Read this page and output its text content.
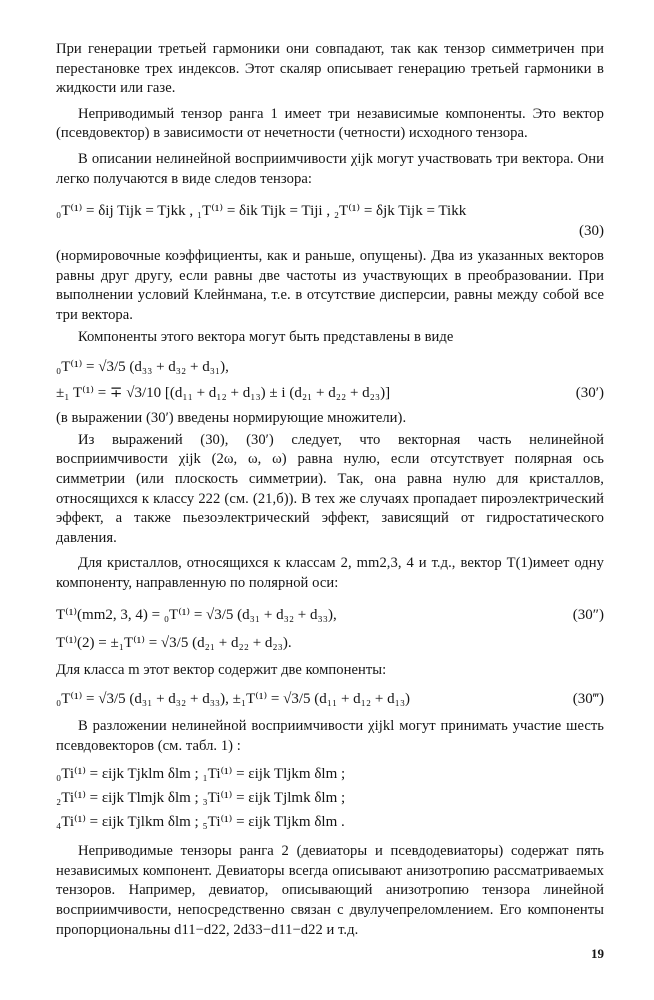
При генерации третьей гармоники они совпадают, так как тензор симметричен при перестановке трех индексов. Этот скаляр описывает генерацию третьей гармоники в жидкости или газе.

Неприводимый тензор ранга 1 имеет три независимые компоненты. Это вектор (псевдовектор) в зависимости от нечетности (четности) исходного тензора.

В описании нелинейной восприимчивости χijk могут участвовать три вектора. Они легко получаются в виде следов тензора:

₀T⁽¹⁾ = δij Tijk = Tjkk , ₁T⁽¹⁾ = δik Tijk = Tiji , ₂T⁽¹⁾ = δjk Tijk = Tikk
(30)

(нормировочные коэффициенты, как и раньше, опущены). Два из указанных векторов равны друг другу, если равны две частоты из участвующих в преобразовании. При выполнении условий Клейнмана, т.е. в отсутствие дисперсии, равны между собой все три вектора.

Компоненты этого вектора могут быть представлены в виде

₀T⁽¹⁾ = √3/5 (d₃₃ + d₃₂ + d₃₁),
±₁ T⁽¹⁾ = ∓ √3/10 [(d₁₁ + d₁₂ + d₁₃) ± i (d₂₁ + d₂₂ + d₂₃)]	(30′)

(в выражении (30′) введены нормирующие множители).

Из выражений (30), (30′) следует, что векторная часть нелинейной восприимчивости χijk (2ω, ω, ω) равна нулю, если отсутствует полярная ось симметрии (или плоскость симметрии). Так, она равна нулю для кристаллов, относящихся к классу 222 (см. (21,б)). В тех же случаях пропадает пироэлектрический эффект, а также пьезоэлектрический эффект, зависящий от гидростатического давления.

Для кристаллов, относящихся к классам 2, mm2,3, 4 и т.д., вектор T(1)имеет одну компоненту, направленную по полярной оси:

T⁽¹⁾(mm2, 3, 4) = ₀T⁽¹⁾ = √3/5 (d₃₁ + d₃₂ + d₃₃),	(30″)
T⁽¹⁾(2) = ±₁T⁽¹⁾ = √3/5 (d₂₁ + d₂₂ + d₂₃).

Для класса m этот вектор содержит две компоненты:

₀T⁽¹⁾ = √3/5 (d₃₁ + d₃₂ + d₃₃), ±₁T⁽¹⁾ = √3/5 (d₁₁ + d₁₂ + d₁₃)	(30‴)

В разложении нелинейной восприимчивости χijkl могут принимать участие шесть псевдовекторов (см. табл. 1) :

₀Ti⁽¹⁾ = εijk Tjklm δlm ; ₁Ti⁽¹⁾ = εijk Tljkm δlm ;
₂Ti⁽¹⁾ = εijk Tlmjk δlm ; ₃Ti⁽¹⁾ = εijk Tjlmk δlm ;
₄Ti⁽¹⁾ = εijk Tjlkm δlm ; ₅Ti⁽¹⁾ = εijk Tljkm δlm .

Неприводимые тензоры ранга 2 (девиаторы и псевдодевиаторы) содержат пять независимых компонент. Девиаторы всегда описывают анизотропию рассматриваемых тензоров. Например, девиатор, описывающий анизотропию тензора линейной восприимчивости, непосредственно связан с двулучепреломлением. Его компоненты пропорциональны d11−d22, 2d33−d11−d22 и т.д.

19
